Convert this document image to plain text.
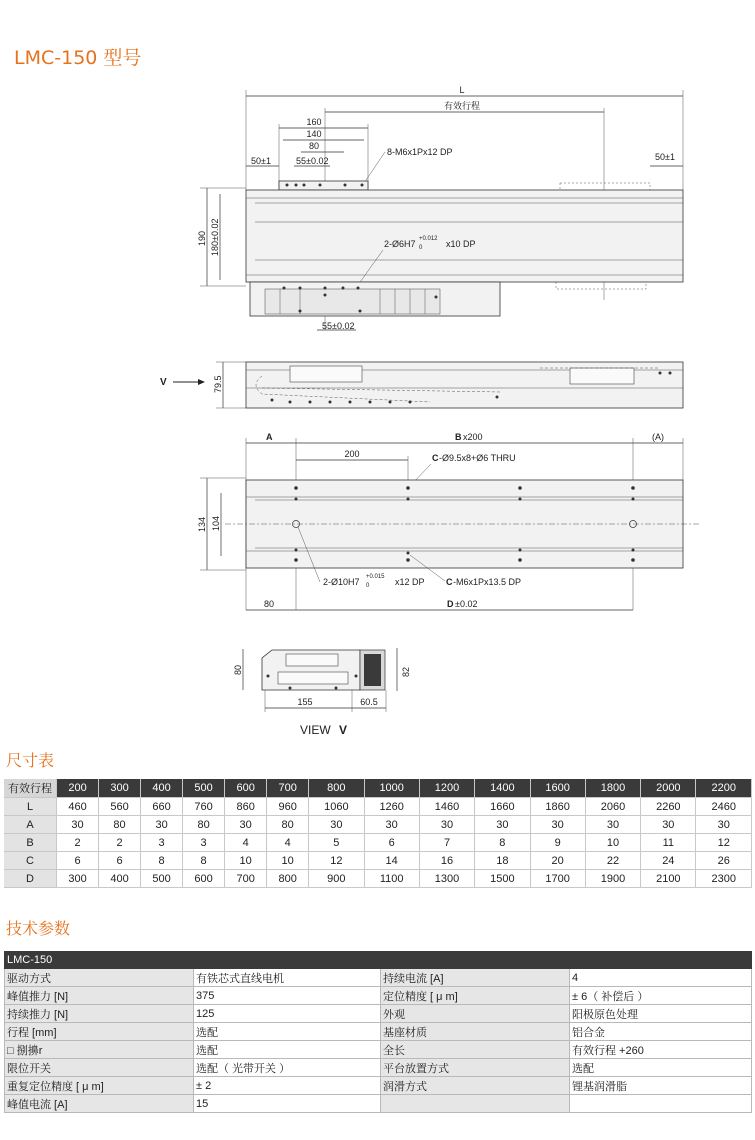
LMC-150 型号
L
有效行程
160
140
80
55±0.02
50±1
8-M6x1Px12 DP	50±1
190 180±0.02	2-Ø6H7 +0.012
0	x10 DP
55±0.02
V	79.5
A	B x200	(A)
200	C -Ø9.5x8+Ø6 THRU
134 104
2-Ø10H7 +0.015
0	x12 DP C -M6x1Px13.5 DP
80	D ±0.02
80	82
155	60.5
VIEW V
尺寸表
有效行程	200	300	400	500	600	700	800	1000	1200	1400	1600	1800	2000	2200
L	460	560	660	760	860	960	1060	1260	1460	1660	1860	2060	2260	2460
A	30	80	30	80	30	80	30	30	30	30	30	30	30	30
B	2	2	3	3	4	4	5	6	7	8	9	10	11	12
C	6	6	8	8	10	10	12	14	16	18	20	22	24	26
D	300	400	500	600	700	800	900	1100	1300	1500	1700	1900	2100	2300
技术参数
LMC-150			
驱动方式	有铁芯式直线电机	持续电流 [A]	4
峰值推力 [N]	375	定位精度 [ μ m]	± 6（ 补偿后 ）
持续推力 [N]	125	外观	阳极原色处理
行程 [mm]	选配	基座材质	铝合金
□ 捌擤r	选配	全长	有效行程 +260
限位开关	选配（ 光带开关 ）	平台放置方式	选配
重复定位精度 [ μ m]	± 2	润滑方式	锂基润滑脂
峰值电流 [A]	15		
